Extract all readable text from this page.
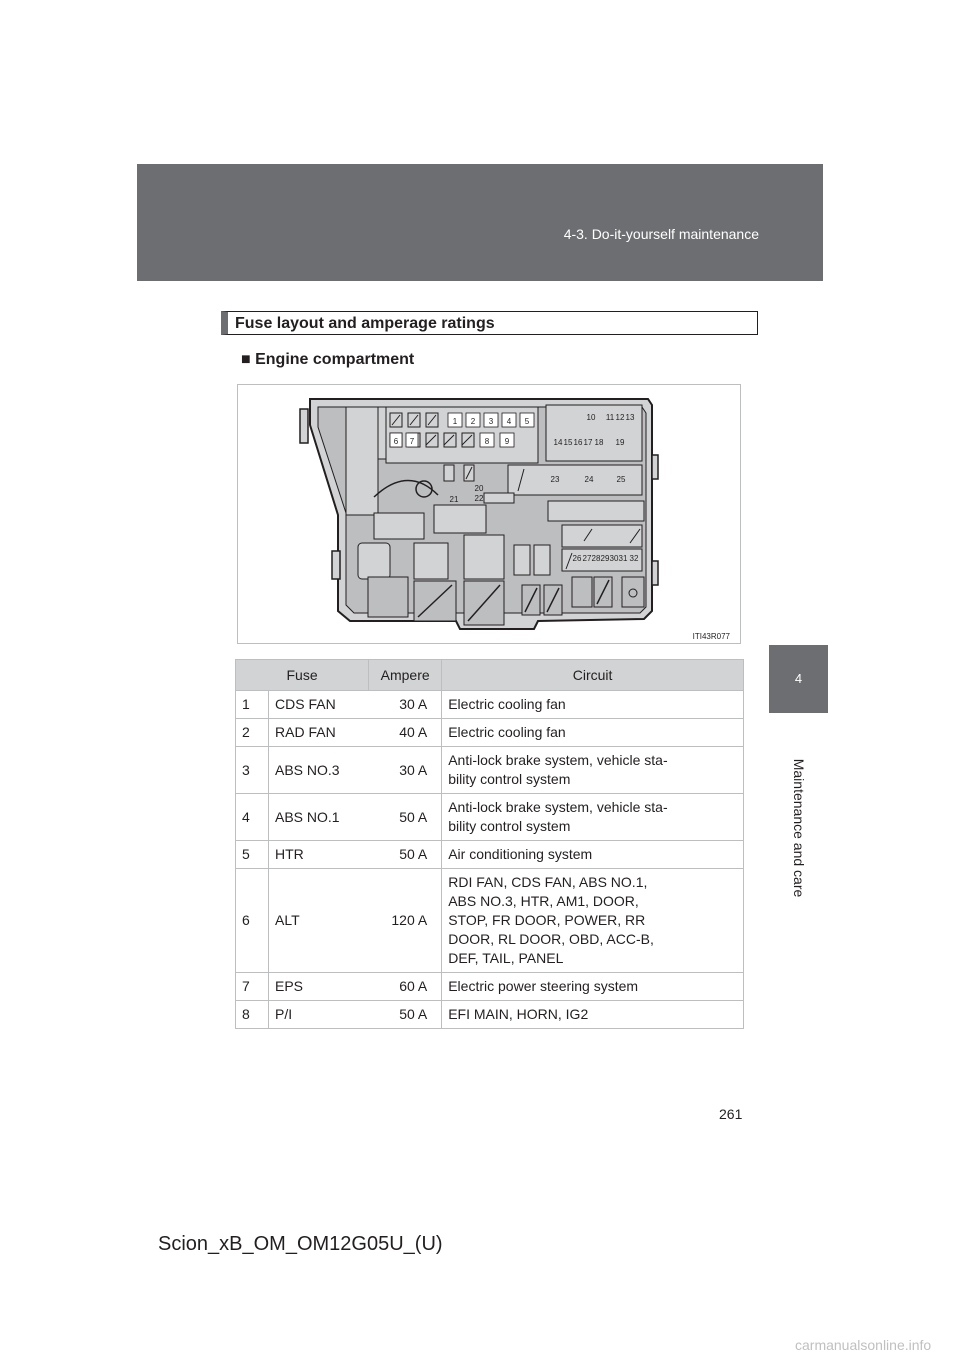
4-3. Do-it-yourself maintenance
4
Maintenance and care
Fuse layout and amperage ratings
■ Engine compartment
1 2 3 4 5
6 7	8 9
10 11 12 13
14 15 16 17 18 19
20
21 22
23	24	25
26 27 28 29 30 31 32
ITI43R077
Fuse		Ampere	Circuit
1	CDS FAN	30 A	Electric cooling fan
2	RAD FAN	40 A	Electric cooling fan
3	ABS NO.3	30 A	Anti-lock brake system, vehicle sta-
bility control system
4	ABS NO.1	50 A	Anti-lock brake system, vehicle sta-
bility control system
5	HTR	50 A	Air conditioning system
6	ALT	120 A	RDI FAN, CDS FAN, ABS NO.1,
ABS NO.3, HTR, AM1, DOOR,
STOP, FR DOOR, POWER, RR
DOOR, RL DOOR, OBD, ACC-B,
DEF, TAIL, PANEL
7	EPS	60 A	Electric power steering system
8	P/I	50 A	EFI MAIN, HORN, IG2
261
Scion_xB_OM_OM12G05U_(U)
carmanualsonline.info
